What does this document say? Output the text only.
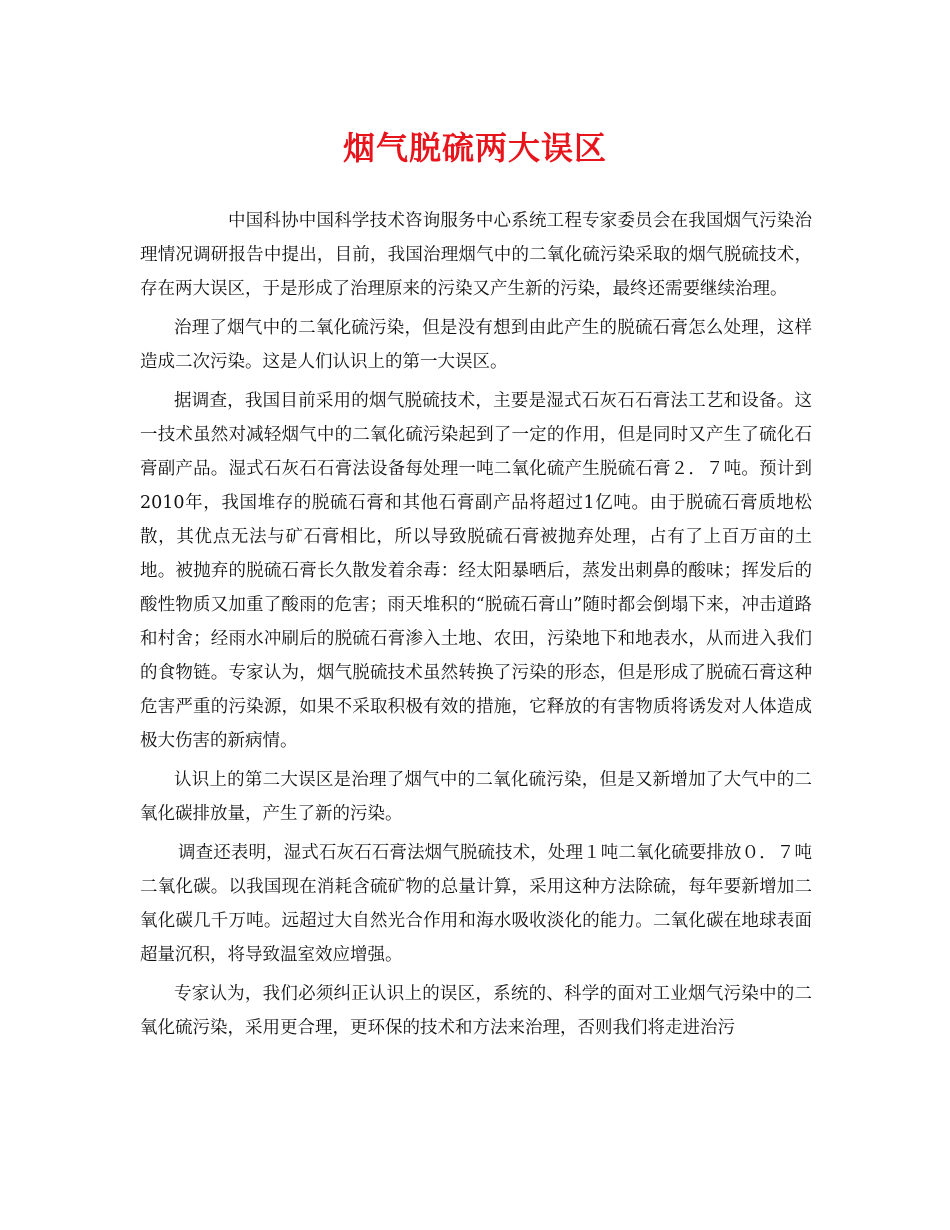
烟气脱硫两大误区

中国科协中国科学技术咨询服务中心系统工程专家委员会在我国烟气污染治理情况调研报告中提出，目前，我国治理烟气中的二氧化硫污染采取的烟气脱硫技术，存在两大误区，于是形成了治理原来的污染又产生新的污染，最终还需要继续治理。

治理了烟气中的二氧化硫污染，但是没有想到由此产生的脱硫石膏怎么处理，这样造成二次污染。这是人们认识上的第一大误区。

据调查，我国目前采用的烟气脱硫技术，主要是湿式石灰石石膏法工艺和设备。这一技术虽然对减轻烟气中的二氧化硫污染起到了一定的作用，但是同时又产生了硫化石膏副产品。湿式石灰石石膏法设备每处理一吨二氧化硫产生脱硫石膏２．７吨。预计到2010年，我国堆存的脱硫石膏和其他石膏副产品将超过1亿吨。由于脱硫石膏质地松散，其优点无法与矿石膏相比，所以导致脱硫石膏被抛弃处理，占有了上百万亩的土地。被抛弃的脱硫石膏长久散发着余毒：经太阳暴晒后，蒸发出刺鼻的酸味；挥发后的酸性物质又加重了酸雨的危害；雨天堆积的“脱硫石膏山”随时都会倒塌下来，冲击道路和村舍；经雨水冲刷后的脱硫石膏渗入土地、农田，污染地下和地表水，从而进入我们的食物链。专家认为，烟气脱硫技术虽然转换了污染的形态，但是形成了脱硫石膏这种危害严重的污染源，如果不采取积极有效的措施，它释放的有害物质将诱发对人体造成极大伤害的新病情。

认识上的第二大误区是治理了烟气中的二氧化硫污染，但是又新增加了大气中的二氧化碳排放量，产生了新的污染。

调查还表明，湿式石灰石石膏法烟气脱硫技术，处理１吨二氧化硫要排放０．７吨二氧化碳。以我国现在消耗含硫矿物的总量计算，采用这种方法除硫，每年要新增加二氧化碳几千万吨。远超过大自然光合作用和海水吸收淡化的能力。二氧化碳在地球表面超量沉积，将导致温室效应增强。

专家认为，我们必须纠正认识上的误区，系统的、科学的面对工业烟气污染中的二氧化硫污染，采用更合理，更环保的技术和方法来治理，否则我们将走进治污
